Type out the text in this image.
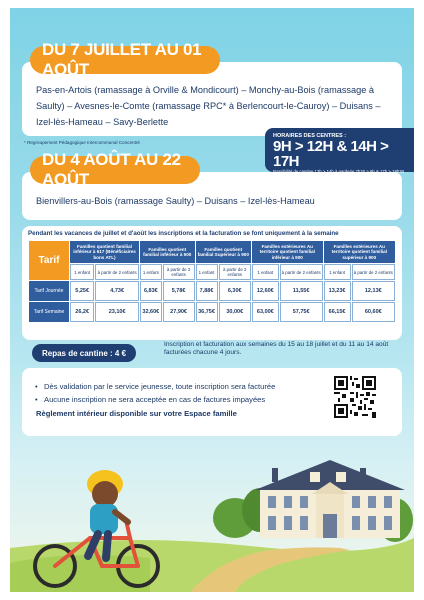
Pas-en-Artois (ramassage à Orville & Mondicourt) – Monchy-au-Bois (ramassage à Saulty) – Avesnes-le-Comte (ramassage RPC* à Berlencourt-le-Cauroy) – Duisans – Izel-lès-Hameau – Savy-Berlette

DU 7 JUILLET AU 01 AOÛT
* Regroupement Pédagogique Intercommunal Concentré

Bienvillers-au-Bois (ramassage Saulty) – Duisans – Izel-lès-Hameau

DU 4 AOÛT AU 22 AOÛT
HORAIRES DES CENTRES :
9H > 12H & 14H > 17H
Possibilité de cantine 12h > 14h à garderie 7h30 > 9h & 17h > 18h30
Accueil sur les lieux de ramassage : 7h30 > 8h30 & 17h > 18h30
Pendant les vacances de juillet et d'août les inscriptions et la facturation se font uniquement à la semaine
Tarif	Familles quotient familial inférieur à 617 (Bénéficiaires bons ATL)		Familles quotient familial inférieur à 900		Familles quotient familial Supérieur à 900		Familles extérieures Au territoire quotient familial inférieur à 900		Familles extérieures Au territoire quotient familial supérieur à 900	
	1 enfant	à partir de 2 enfants	1 enfant	à partir de 2 enfants	1 enfant	à partir de 2 enfants	1 enfant	à partir de 2 enfants	1 enfant	à partir de 2 enfants
Tarif Journée	5,25€	4,73€	6,83€	5,78€	7,88€	6,30€	12,60€	11,55€	13,23€	12,13€
Tarif Semaine	26,2€	23,10€	32,60€	27,90€	36,75€	30,00€	63,00€	57,75€	66,15€	60,60€
Repas de cantine : 4 €
Inscription et facturation aux semaines du 15 au 18 juillet et du 11 au 14 août facturées chacune 4 jours.
• Dès validation par le service jeunesse, toute inscription sera facturée
• Aucune inscription ne sera acceptée en cas de factures impayées
Règlement intérieur disponible sur votre Espace famille
